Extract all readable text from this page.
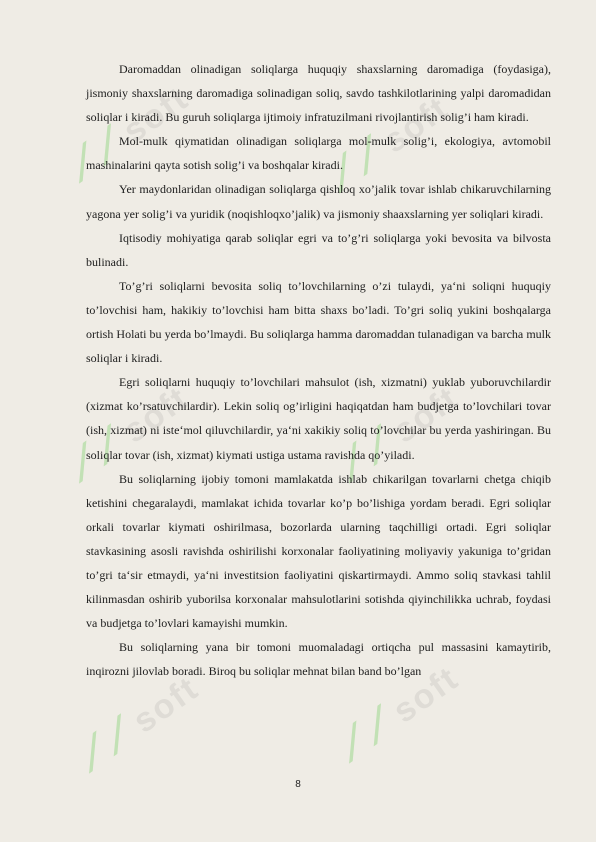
⟋⟋soft
⟋⟋soft
⟋⟋soft
⟋⟋soft
⟋⟋soft	⟋⟋soft

Daromaddan olinadigan soliqlarga huquqiy shaxslarning daromadiga (foydasiga), jismoniy shaxslarning daromadiga solinadigan soliq, savdo tashkilotlarining yalpi daromadidan soliqlar i kiradi. Bu guruh soliqlarga ijtimoiy infratuzilmani rivojlantirish solig’i ham kiradi.

Mol-mulk qiymatidan olinadigan soliqlarga mol-mulk solig’i, ekologiya, avtomobil mashinalarini qayta sotish solig’i va boshqalar kiradi.

Yer maydonlaridan olinadigan soliqlarga qishloq xo’jalik tovar ishlab chikaruvchilarning yagona yer solig’i va yuridik (noqishloqxo’jalik) va jismoniy shaaxslarning yer soliqlari kiradi.

Iqtisodiy mohiyatiga qarab soliqlar egri va to’g’ri soliqlarga yoki bevosita va bilvosta bulinadi.

To’g’ri soliqlarni bevosita soliq to’lovchilarning o’zi tulaydi, ya‘ni soliqni huquqiy to’lovchisi ham, hakikiy to’lovchisi ham bitta shaxs bo’ladi. To’gri soliq yukini boshqalarga ortish Holati bu yerda bo’lmaydi. Bu soliqlarga hamma daromaddan tulanadigan va barcha mulk soliqlar i kiradi.

Egri soliqlarni huquqiy to’lovchilari mahsulot (ish, xizmatni) yuklab yuboruvchilardir (xizmat ko’rsatuvchilardir). Lekin soliq og’irligini haqiqatdan ham budjetga to’lovchilari tovar (ish, xizmat) ni iste‘mol qiluvchilardir, ya‘ni xakikiy soliq to’lovchilar bu yerda yashiringan. Bu soliqlar tovar (ish, xizmat) kiymati ustiga ustama ravishda qo’yiladi.

Bu soliqlarning ijobiy tomoni mamlakatda ishlab chikarilgan tovarlarni chetga chiqib ketishini chegaralaydi, mamlakat ichida tovarlar ko’p bo’lishiga yordam beradi. Egri soliqlar orkali tovarlar kiymati oshirilmasa, bozorlarda ularning taqchilligi ortadi. Egri soliqlar stavkasining asosli ravishda oshirilishi korxonalar faoliyatining moliyaviy yakuniga to’gridan to’gri ta‘sir etmaydi, ya‘ni investitsion faoliyatini qiskartirmaydi. Ammo soliq stavkasi tahlil kilinmasdan oshirib yuborilsa korxonalar mahsulotlarini sotishda qiyinchilikka uchrab, foydasi va budjetga to’lovlari kamayishi mumkin.

Bu soliqlarning yana bir tomoni muomaladagi ortiqcha pul massasini kamaytirib, inqirozni jilovlab boradi. Biroq bu soliqlar mehnat bilan band bo’lgan

8
